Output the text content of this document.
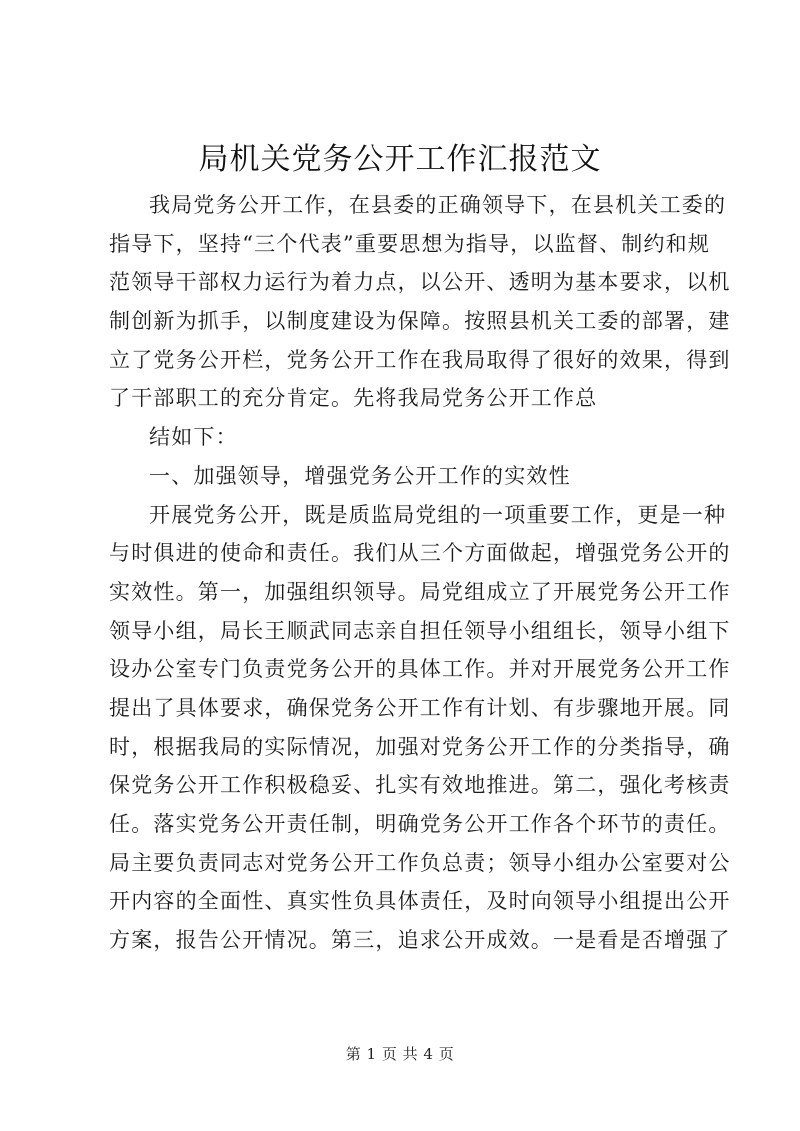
局机关党务公开工作汇报范文
我局党务公开工作，在县委的正确领导下，在县机关工委的
指导下，坚持“三个代表”重要思想为指导，以监督、制约和规
范领导干部权力运行为着力点，以公开、透明为基本要求，以机
制创新为抓手，以制度建设为保障。按照县机关工委的部署，建
立了党务公开栏，党务公开工作在我局取得了很好的效果，得到
了干部职工的充分肯定。先将我局党务公开工作总
结如下：
一、加强领导，增强党务公开工作的实效性
开展党务公开，既是质监局党组的一项重要工作，更是一种
与时俱进的使命和责任。我们从三个方面做起，增强党务公开的
实效性。第一，加强组织领导。局党组成立了开展党务公开工作
领导小组，局长王顺武同志亲自担任领导小组组长，领导小组下
设办公室专门负责党务公开的具体工作。并对开展党务公开工作
提出了具体要求，确保党务公开工作有计划、有步骤地开展。同
时，根据我局的实际情况，加强对党务公开工作的分类指导，确
保党务公开工作积极稳妥、扎实有效地推进。第二，强化考核责
任。落实党务公开责任制，明确党务公开工作各个环节的责任。
局主要负责同志对党务公开工作负总责；领导小组办公室要对公
开内容的全面性、真实性负具体责任，及时向领导小组提出公开
方案，报告公开情况。第三，追求公开成效。一是看是否增强了
第 1 页 共 4 页
